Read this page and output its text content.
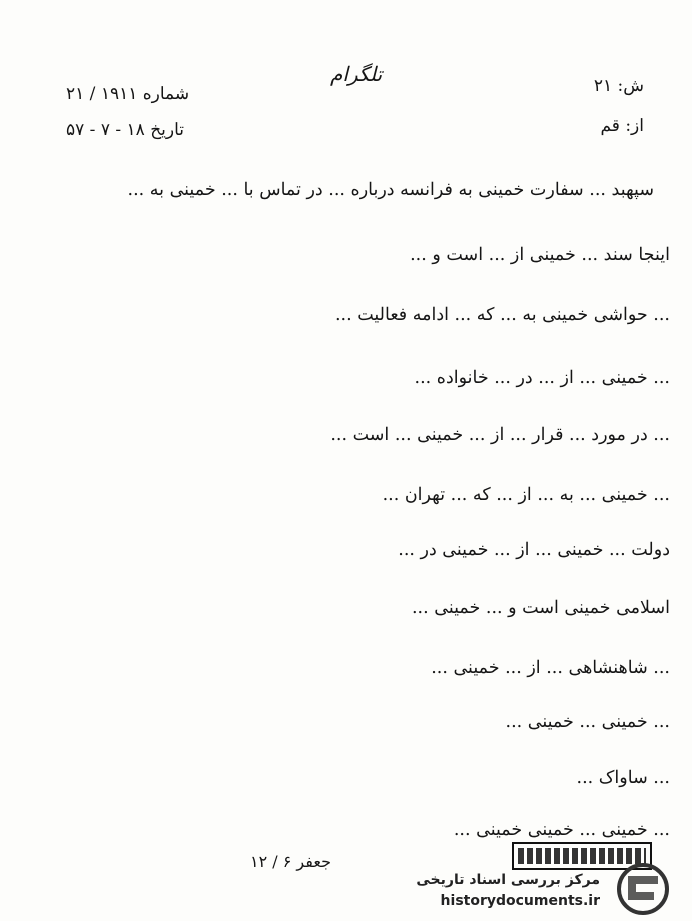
تلگرام	ش: ۲۱
از: قم
شماره ۱۹۱۱ / ۲۱
تاریخ ۱۸ - ۷ - ۵۷
سپهبد ... سفارت خمینی به فرانسه درباره ... در تماس با ... خمینی به ...
اینجا سند ... خمینی از ... است و ...
... حواشی خمینی به ... که ... ادامه فعالیت ...
... خمینی ... از ... در ... خانواده ...
... در مورد ... قرار ... از ... خمینی ... است ...
... خمینی ... به ... از ... که ... تهران ...
دولت ... خمینی ... از ... خمینی در ...
اسلامی خمینی است و ... خمینی ...
... شاهنشاهی ... از ... خمینی ...
... خمینی ... خمینی ...
... ساواک ...
... خمینی ... خمینی خمینی ...
جعفر ۶ / ۱۲
مرکز بررسی اسناد تاریخی
historydocuments.ir
